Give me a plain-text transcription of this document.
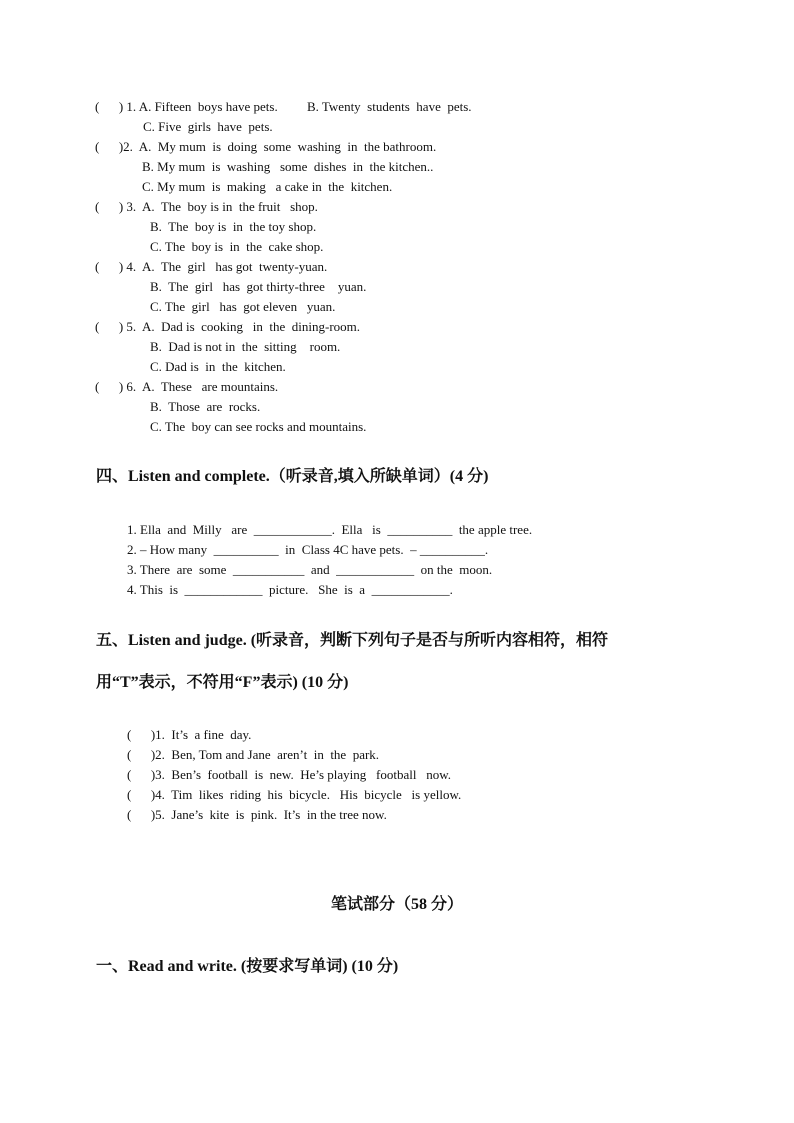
(      ) 1. A. Fifteen  boys have pets.         B. Twenty  students  have  pets.
C. Five  girls  have  pets.
(      )2.  A.  My mum  is  doing  some  washing  in  the bathroom.
B. My mum  is  washing   some  dishes  in  the kitchen..
C. My mum  is  making   a cake in  the  kitchen.
(      ) 3.  A.  The  boy is in  the fruit   shop.
B.  The  boy is  in  the toy shop.
C. The  boy is  in  the  cake shop.
(      ) 4.  A.  The  girl   has got  twenty-yuan.
B.  The  girl   has  got thirty-three    yuan.
C. The  girl   has  got eleven   yuan.
(      ) 5.  A.  Dad is  cooking   in  the  dining-room.
B.  Dad is not in  the  sitting    room.
C. Dad is  in  the  kitchen.
(      ) 6.  A.  These   are mountains.
B.  Those  are  rocks.
C. The  boy can see rocks and mountains.
四、Listen and complete.（听录音,填入所缺单词）(4 分)
1. Ella  and  Milly   are  ____________.  Ella   is  __________  the apple tree.
2. – How many  __________  in  Class 4C have pets.  – __________.
3. There  are  some  ___________  and  ____________  on the  moon.
4. This  is  ____________  picture.   She  is  a  ____________.
五、Listen and judge. (听录音，判断下列句子是否与所听内容相符，相符
用“T”表示，不符用“F”表示) (10 分)
(      )1.  It’s  a fine  day.
(      )2.  Ben, Tom and Jane  aren’t  in  the  park.
(      )3.  Ben’s  football  is  new.  He’s playing   football   now.
(      )4.  Tim  likes  riding  his  bicycle.   His  bicycle   is yellow.
(      )5.  Jane’s  kite  is  pink.  It’s  in the tree now.
笔试部分（58 分）
一、Read and write. (按要求写单词) (10 分)
